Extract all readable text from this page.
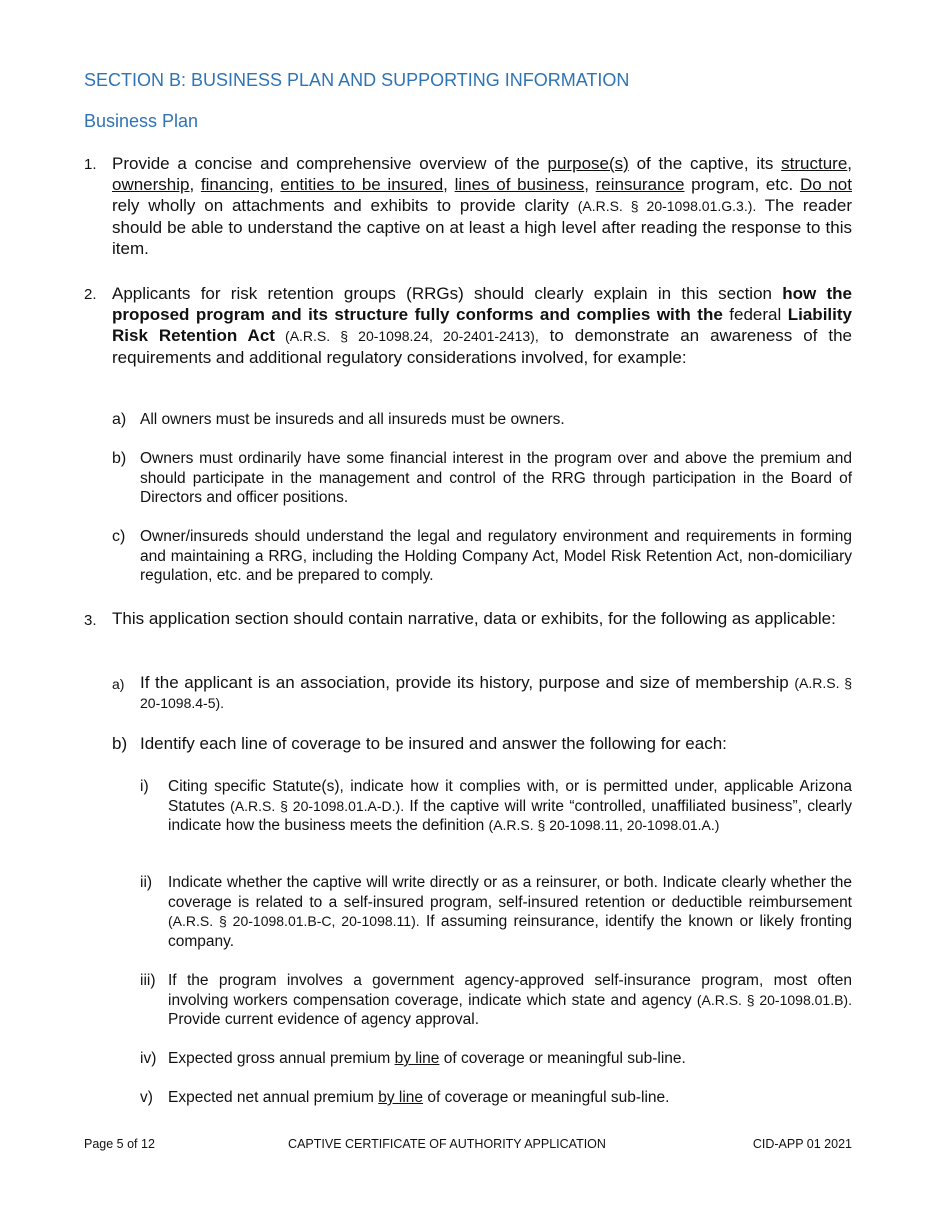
SECTION B: BUSINESS PLAN AND SUPPORTING INFORMATION
Business Plan
1. Provide a concise and comprehensive overview of the purpose(s) of the captive, its structure, ownership, financing, entities to be insured, lines of business, reinsurance program, etc. Do not rely wholly on attachments and exhibits to provide clarity (A.R.S. § 20-1098.01.G.3.). The reader should be able to understand the captive on at least a high level after reading the response to this item.
2. Applicants for risk retention groups (RRGs) should clearly explain in this section how the proposed program and its structure fully conforms and complies with the federal Liability Risk Retention Act (A.R.S. § 20-1098.24, 20-2401-2413), to demonstrate an awareness of the requirements and additional regulatory considerations involved, for example:
a) All owners must be insureds and all insureds must be owners.
b) Owners must ordinarily have some financial interest in the program over and above the premium and should participate in the management and control of the RRG through participation in the Board of Directors and officer positions.
c) Owner/insureds should understand the legal and regulatory environment and requirements in forming and maintaining a RRG, including the Holding Company Act, Model Risk Retention Act, non-domiciliary regulation, etc. and be prepared to comply.
3. This application section should contain narrative, data or exhibits, for the following as applicable:
a) If the applicant is an association, provide its history, purpose and size of membership (A.R.S. § 20-1098.4-5).
b) Identify each line of coverage to be insured and answer the following for each:
i) Citing specific Statute(s), indicate how it complies with, or is permitted under, applicable Arizona Statutes (A.R.S. § 20-1098.01.A-D.). If the captive will write “controlled, unaffiliated business”, clearly indicate how the business meets the definition (A.R.S. § 20-1098.11, 20-1098.01.A.)
ii) Indicate whether the captive will write directly or as a reinsurer, or both. Indicate clearly whether the coverage is related to a self-insured program, self-insured retention or deductible reimbursement (A.R.S. § 20-1098.01.B-C, 20-1098.11). If assuming reinsurance, identify the known or likely fronting company.
iii) If the program involves a government agency-approved self-insurance program, most often involving workers compensation coverage, indicate which state and agency (A.R.S. § 20-1098.01.B). Provide current evidence of agency approval.
iv) Expected gross annual premium by line of coverage or meaningful sub-line.
v) Expected net annual premium by line of coverage or meaningful sub-line.
Page 5 of 12	CAPTIVE CERTIFICATE OF AUTHORITY APPLICATION	CID-APP 01 2021
